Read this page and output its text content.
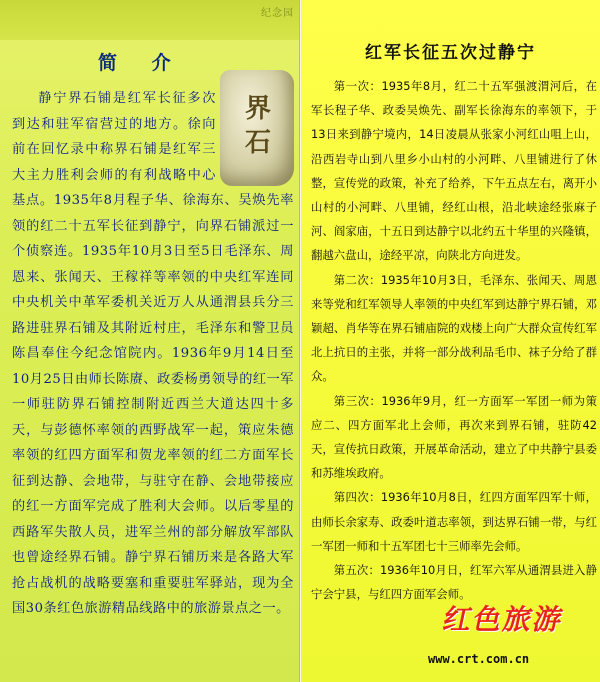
纪念园
简 介
静宁界石铺是红军长征多次到达和驻军宿营过的地方。徐向前在回忆录中称界石铺是红军三大主力胜利会师的有利战略中心基点。1935年8月程子华、徐海东、吴焕先率领的红二十五军长征到静宁，向界石铺派过一个侦察连。1935年10月3日至5日毛泽东、周恩来、张闻天、王稼祥等率领的中央红军连同中央机关中革军委机关近万人从通渭县兵分三路进驻界石铺及其附近村庄，毛泽东和警卫员陈昌奉住今纪念馆院内。1936年9月14日至10月25日由师长陈赓、政委杨勇领导的红一军一师驻防界石铺控制附近西兰大道达四十多天，与彭德怀率领的西野战军一起，策应朱德率领的红四方面军和贺龙率领的红二方面军长征到达静、会地带，与驻守在静、会地带接应的红一方面军完成了胜利大会师。以后零星的西路军失散人员，进军兰州的部分解放军部队也曾途经界石铺。静宁界石铺历来是各路大军抢占战机的战略要塞和重要驻军驿站，现为全国30条红色旅游精品线路中的旅游景点之一。
界石
红军长征五次过静宁

第一次：1935年8月，红二十五军强渡渭河后，在军长程子华、政委吴焕先、副军长徐海东的率领下，于13日来到静宁境内，14日凌晨从张家小河红山咀上山，沿西岩寺山到八里乡小山村的小河畔、八里铺进行了休整，宣传党的政策，补充了给养，下午五点左右，离开小山村的小河畔、八里铺，经红山根，沿北峡途经张麻子河、阎家庙，十五日到达静宁以北约五十华里的兴隆镇，翻越六盘山，途经平凉，向陕北方向进发。

第二次：1935年10月3日，毛泽东、张闻天、周恩来等党和红军领导人率领的中央红军到达静宁界石铺，邓颖超、肖华等在界石铺庙院的戏楼上向广大群众宣传红军北上抗日的主张，并将一部分战利品毛巾、袜子分给了群众。

第三次：1936年9月，红一方面军一军团一师为策应二、四方面军北上会师，再次来到界石铺，驻防42天，宣传抗日政策，开展革命活动，建立了中共静宁县委和苏维埃政府。

第四次：1936年10月8日，红四方面军四军十师，由师长余家寿、政委叶道志率领，到达界石铺一带，与红一军团一师和十五军团七十三师率先会师。

第五次：1936年10月日，红军六军从通渭县进入静宁会宁县，与红四方面军会师。

红色旅游
www.crt.com.cn
